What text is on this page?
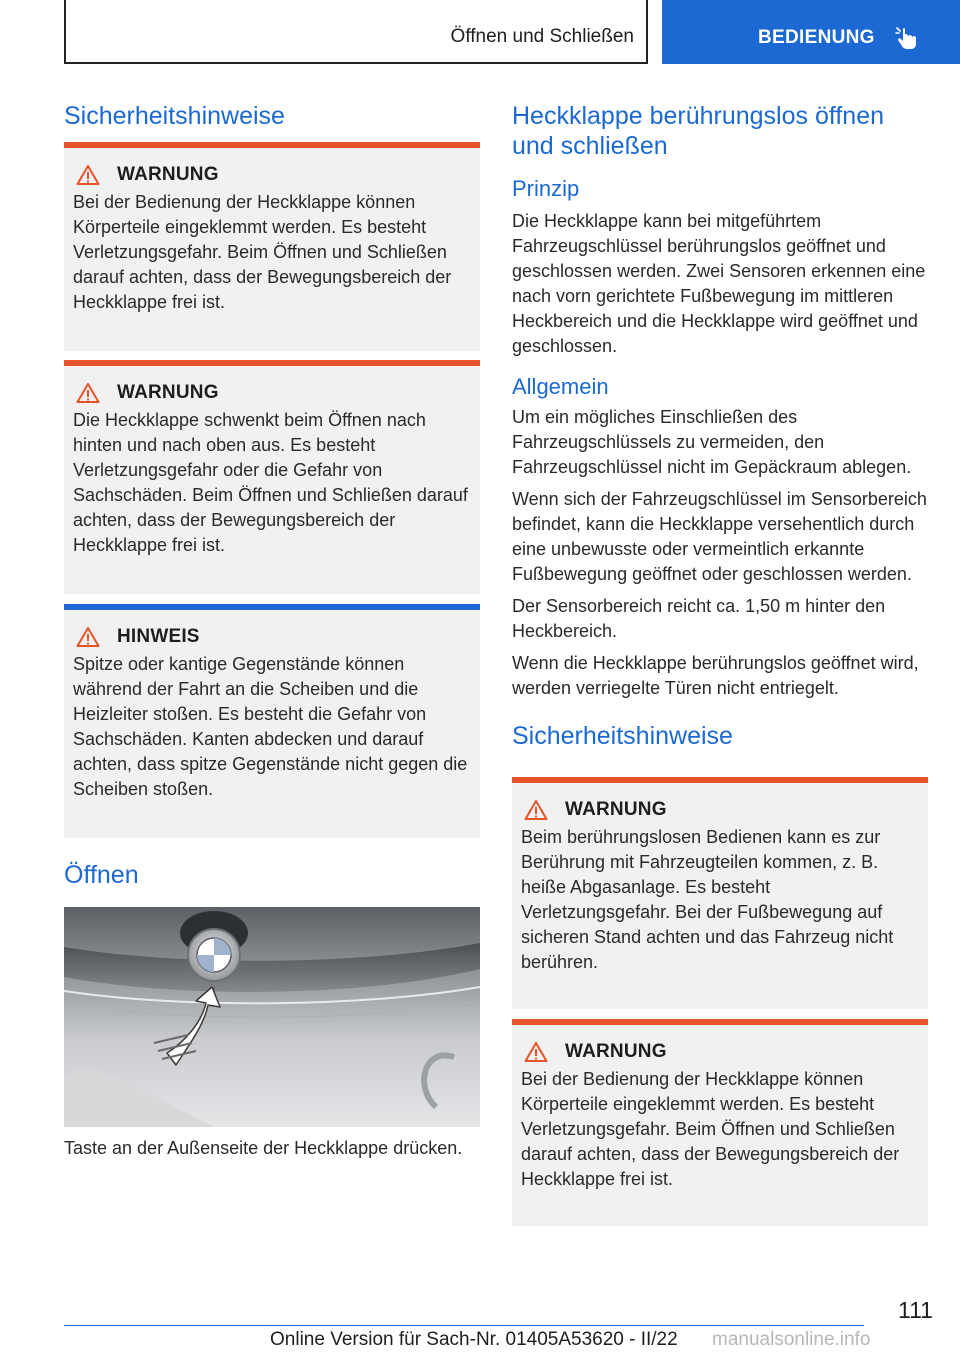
Öffnen und Schließen	BEDIENUNG
Sicherheitshinweise
WARNUNG

Bei der Bedienung der Heckklappe können Körperteile eingeklemmt werden. Es besteht Verletzungsgefahr. Beim Öffnen und Schließen darauf achten, dass der Bewegungsbereich der Heckklappe frei ist.

WARNUNG

Die Heckklappe schwenkt beim Öffnen nach hinten und nach oben aus. Es besteht Verletzungsgefahr oder die Gefahr von Sachschäden. Beim Öffnen und Schließen darauf achten, dass der Bewegungsbereich der Heckklappe frei ist.

HINWEIS

Spitze oder kantige Gegenstände können während der Fahrt an die Scheiben und die Heizleiter stoßen. Es besteht die Gefahr von Sachschäden. Kanten abdecken und darauf achten, dass spitze Gegenstände nicht gegen die Scheiben stoßen.

Öffnen

Taste an der Außenseite der Heckklappe drücken.

Heckklappe berührungslos öffnen und schließen
Prinzip

Die Heckklappe kann bei mitgeführtem Fahrzeugschlüssel berührungslos geöffnet und geschlossen werden. Zwei Sensoren erkennen eine nach vorn gerichtete Fußbewegung im mittleren Heckbereich und die Heckklappe wird geöffnet und geschlossen.

Allgemein

Um ein mögliches Einschließen des Fahrzeugschlüssels zu vermeiden, den Fahrzeugschlüssel nicht im Gepäckraum ablegen.

Wenn sich der Fahrzeugschlüssel im Sensorbereich befindet, kann die Heckklappe versehentlich durch eine unbewusste oder vermeintlich erkannte Fußbewegung geöffnet oder geschlossen werden.

Der Sensorbereich reicht ca. 1,50 m hinter den Heckbereich.

Wenn die Heckklappe berührungslos geöffnet wird, werden verriegelte Türen nicht entriegelt.

Sicherheitshinweise
WARNUNG

Beim berührungslosen Bedienen kann es zur Berührung mit Fahrzeugteilen kommen, z. B. heiße Abgasanlage. Es besteht Verletzungsgefahr. Bei der Fußbewegung auf sicheren Stand achten und das Fahrzeug nicht berühren.

WARNUNG

Bei der Bedienung der Heckklappe können Körperteile eingeklemmt werden. Es besteht Verletzungsgefahr. Beim Öffnen und Schließen darauf achten, dass der Bewegungsbereich der Heckklappe frei ist.

111
Online Version für Sach-Nr. 01405A53620 - II/22 manualsonline.info
